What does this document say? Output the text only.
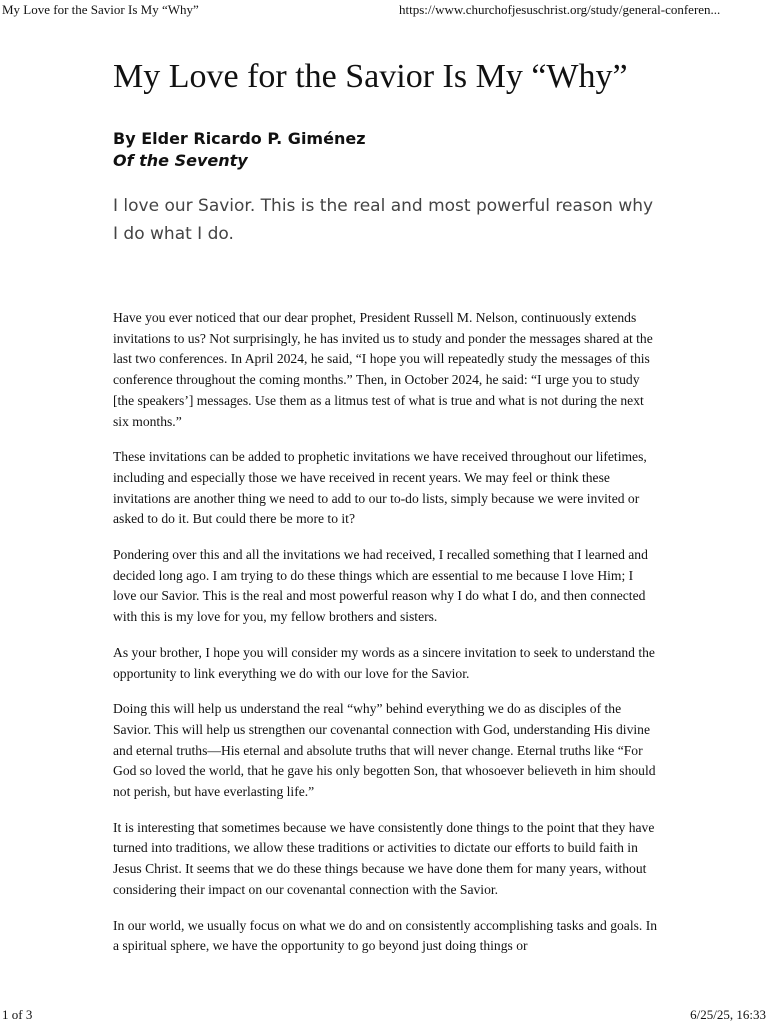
My Love for the Savior Is My “Why”	https://www.churchofjesuschrist.org/study/general-conferen...
My Love for the Savior Is My “Why”
By Elder Ricardo P. Giménez
Of the Seventy
I love our Savior. This is the real and most powerful reason why I do what I do.

Have you ever noticed that our dear prophet, President Russell M. Nelson, continuously extends invitations to us? Not surprisingly, he has invited us to study and ponder the messages shared at the last two conferences. In April 2024, he said, “I hope you will repeatedly study the messages of this conference throughout the coming months.” Then, in October 2024, he said: “I urge you to study [the speakers’] messages. Use them as a litmus test of what is true and what is not during the next six months.”

These invitations can be added to prophetic invitations we have received throughout our lifetimes, including and especially those we have received in recent years. We may feel or think these invitations are another thing we need to add to our to-do lists, simply because we were invited or asked to do it. But could there be more to it?

Pondering over this and all the invitations we had received, I recalled something that I learned and decided long ago. I am trying to do these things which are essential to me because I love Him; I love our Savior. This is the real and most powerful reason why I do what I do, and then connected with this is my love for you, my fellow brothers and sisters.

As your brother, I hope you will consider my words as a sincere invitation to seek to understand the opportunity to link everything we do with our love for the Savior.

Doing this will help us understand the real “why” behind everything we do as disciples of the Savior. This will help us strengthen our covenantal connection with God, understanding His divine and eternal truths—His eternal and absolute truths that will never change. Eternal truths like “For God so loved the world, that he gave his only begotten Son, that whosoever believeth in him should not perish, but have everlasting life.”

It is interesting that sometimes because we have consistently done things to the point that they have turned into traditions, we allow these traditions or activities to dictate our efforts to build faith in Jesus Christ. It seems that we do these things because we have done them for many years, without considering their impact on our covenantal connection with the Savior.

In our world, we usually focus on what we do and on consistently accomplishing tasks and goals. In a spiritual sphere, we have the opportunity to go beyond just doing things or

1 of 3	6/25/25, 16:33
